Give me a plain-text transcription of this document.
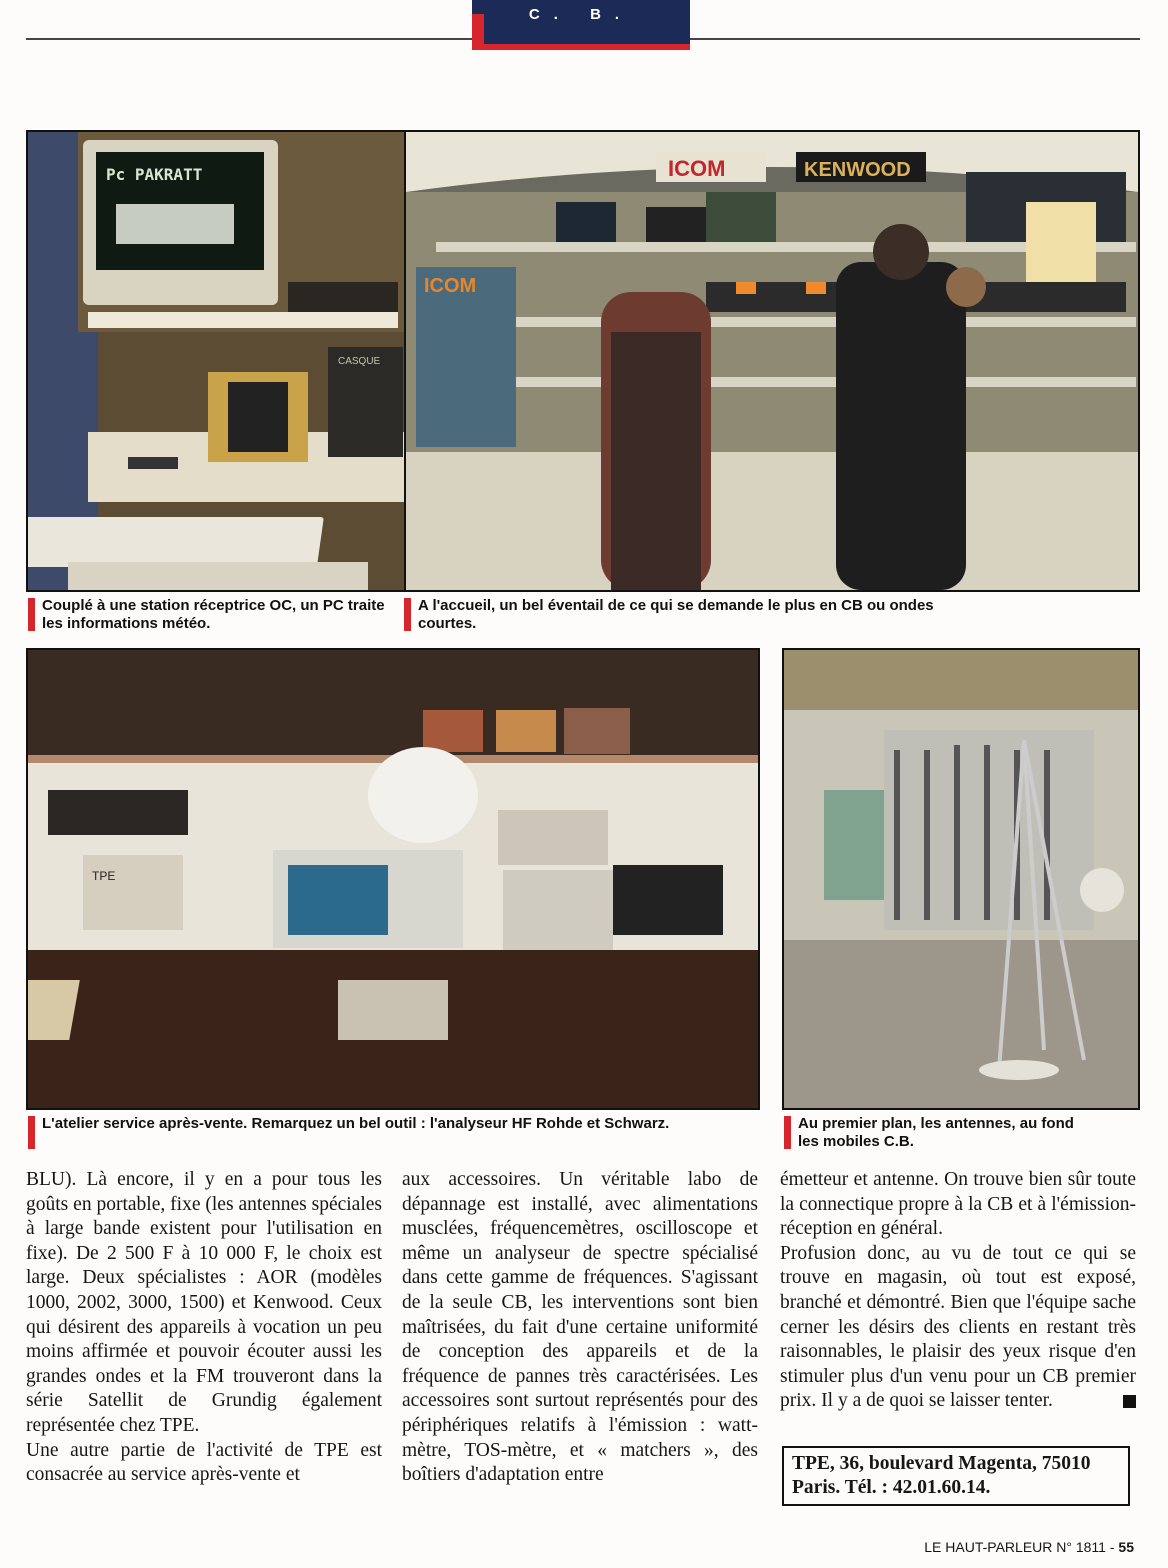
C. B.
Pc PAKRATT
CASQUE
ICOM	KENWOOD
ICOM
Couplé à une station réceptrice OC, un PC traite les informations météo.
A l'accueil, un bel éventail de ce qui se demande le plus en CB ou ondes courtes.
TPE
L'atelier service après-vente. Remarquez un bel outil : l'analyseur HF Rohde et Schwarz.	Au premier plan, les antennes, au fond les mobiles C.B.

BLU). Là encore, il y en a pour tous les goûts en portable, fixe (les antennes spéciales à large bande existent pour l'utilisation en fixe). De 2 500 F à 10 000 F, le choix est large. Deux spécialistes : AOR (modèles 1000, 2002, 3000, 1500) et Kenwood. Ceux qui désirent des appareils à vocation un peu moins affirmée et pouvoir écouter aussi les grandes ondes et la FM trouveront dans la série Satellit de Grundig également représentée chez TPE.

Une autre partie de l'activité de TPE est consacrée au service après-vente et

aux accessoires. Un véritable labo de dépannage est installé, avec alimentations musclées, fréquencemètres, oscilloscope et même un analyseur de spectre spécialisé dans cette gamme de fréquences. S'agissant de la seule CB, les interventions sont bien maîtrisées, du fait d'une certaine uniformité de conception des appareils et de la fréquence de pannes très caractérisées. Les accessoires sont surtout représentés pour des périphériques relatifs à l'émission : watt-mètre, TOS-mètre, et « matchers », des boîtiers d'adaptation entre

émetteur et antenne. On trouve bien sûr toute la connectique propre à la CB et à l'émission-réception en général.

Profusion donc, au vu de tout ce qui se trouve en magasin, où tout est exposé, branché et démontré. Bien que l'équipe sache cerner les désirs des clients en restant très raisonnables, le plaisir des yeux risque d'en stimuler plus d'un venu pour un CB premier prix. Il y a de quoi se laisser tenter.

TPE, 36, boulevard Magenta, 75010 Paris. Tél. : 42.01.60.14.
LE HAUT-PARLEUR N° 1811 - 55
